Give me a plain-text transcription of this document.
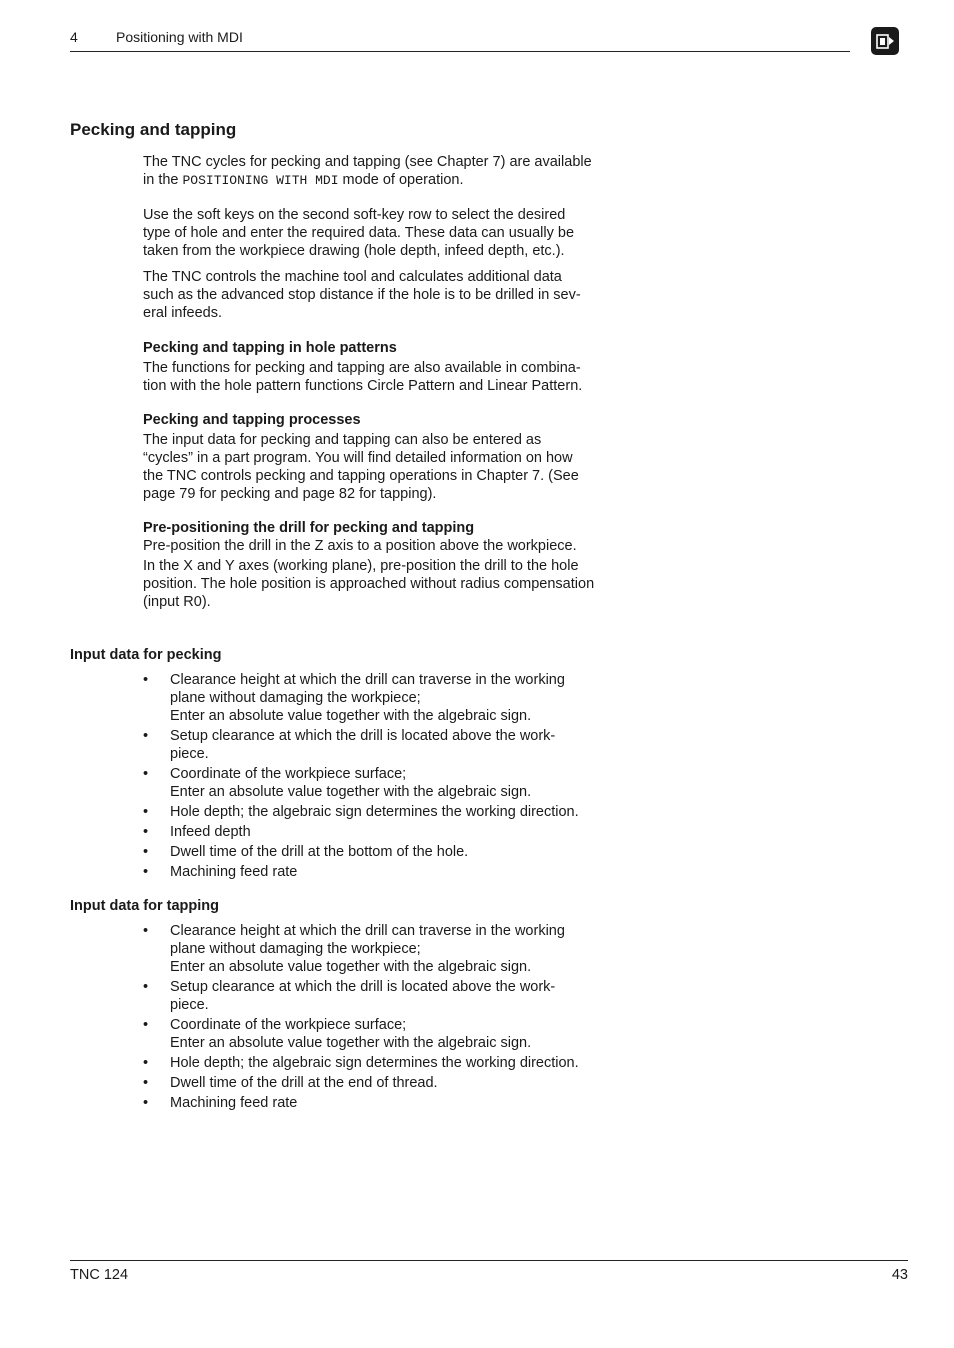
4	Positioning with MDI
Pecking and tapping
The TNC cycles for pecking and tapping (see Chapter 7) are available
in the POSITIONING WITH MDI mode of operation.
Use the soft keys on the second soft-key row to select the desired
type of hole and enter the required data. These data can usually be
taken from the workpiece drawing (hole depth, infeed depth, etc.).
The TNC controls the machine tool and calculates additional data
such as the advanced stop distance if the hole is to be drilled in sev-
eral infeeds.

Pecking and tapping in hole patterns

The functions for pecking and tapping are also available in combina-
tion with the hole pattern functions Circle Pattern and Linear Pattern.

Pecking and tapping processes

The input data for pecking and tapping can also be entered as
“cycles” in a part program. You will find detailed information on how
the TNC controls pecking and tapping operations in Chapter 7. (See
page 79 for pecking and page 82 for tapping).

Pre-positioning the drill for pecking and tapping

Pre-position the drill in the Z axis to a position above the workpiece.
In the X and Y axes (working plane), pre-position the drill to the hole
position. The hole position is approached without radius compensation
(input R0).

Input data for pecking

• Clearance height at which the drill can traverse in the working
plane without damaging the workpiece;
Enter an absolute value together with the algebraic sign.
• Setup clearance at which the drill is located above the work-
piece.
• Coordinate of the workpiece surface;
Enter an absolute value together with the algebraic sign.
• Hole depth; the algebraic sign determines the working direction.
• Infeed depth
• Dwell time of the drill at the bottom of the hole.
• Machining feed rate

Input data for tapping

• Clearance height at which the drill can traverse in the working
plane without damaging the workpiece;
Enter an absolute value together with the algebraic sign.
• Setup clearance at which the drill is located above the work-
piece.
• Coordinate of the workpiece surface;
Enter an absolute value together with the algebraic sign.
• Hole depth; the algebraic sign determines the working direction.
• Dwell time of the drill at the end of thread.
• Machining feed rate
TNC 124	43
